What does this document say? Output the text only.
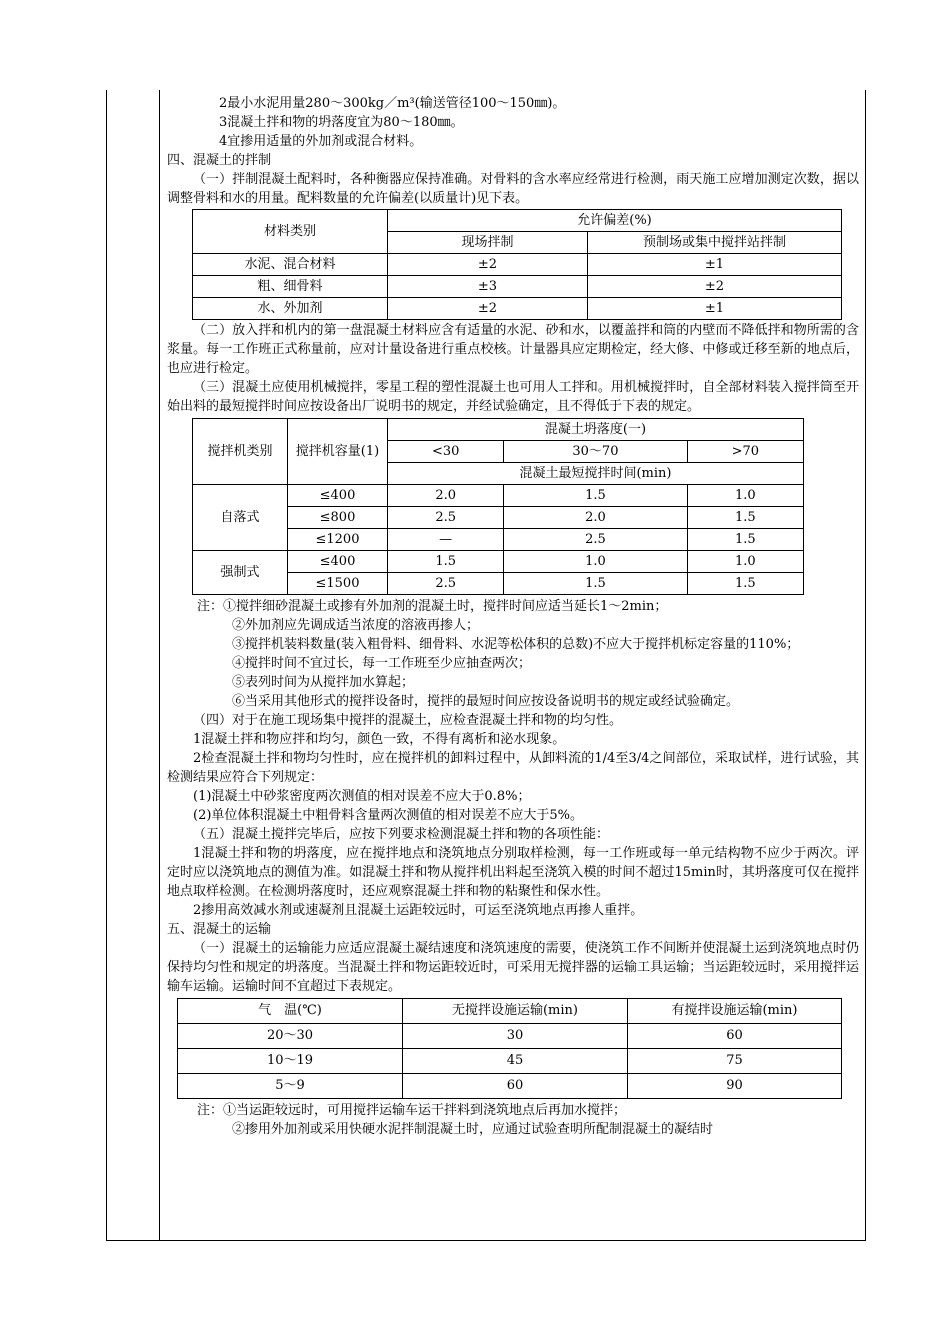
2最小水泥用量280～300kg／m³(输送管径100～150㎜)。

3混凝土拌和物的坍落度宜为80～180㎜。

4宜掺用适量的外加剂或混合材料。

四、混凝土的拌制

（一）拌制混凝土配料时，各种衡器应保持准确。对骨料的含水率应经常进行检测，雨天施工应增加测定次数，据以调整骨料和水的用量。配料数量的允许偏差(以质量计)见下表。

材料类别	允许偏差(%)	
	现场拌制	预制场或集中搅拌站拌制
水泥、混合材料	±2	±1
粗、细骨料	±3	±2
水、外加剂	±2	±1

（二）放入拌和机内的第一盘混凝土材料应含有适量的水泥、砂和水，以覆盖拌和筒的内壁而不降低拌和物所需的含浆量。每一工作班正式称量前，应对计量设备进行重点校核。计量器具应定期检定，经大修、中修或迁移至新的地点后，也应进行检定。

（三）混凝土应使用机械搅拌，零星工程的塑性混凝土也可用人工拌和。用机械搅拌时，自全部材料装入搅拌筒至开始出料的最短搅拌时间应按设备出厂说明书的规定，并经试验确定，且不得低于下表的规定。

搅拌机类别	搅拌机容量(1)	混凝土坍落度(一)		
		<30	30～70	>70
		混凝土最短搅拌时间(min)		
自落式	≤400	2.0	1.5	1.0
	≤800	2.5	2.0	1.5
	≤1200	—	2.5	1.5
强制式	≤400	1.5	1.0	1.0
	≤1500	2.5	1.5	1.5

注：①搅拌细砂混凝土或掺有外加剂的混凝土时，搅拌时间应适当延长1～2min；

②外加剂应先调成适当浓度的溶液再掺人；

③搅拌机装料数量(装入粗骨料、细骨料、水泥等松体积的总数)不应大于搅拌机标定容量的110%；

④搅拌时间不宜过长，每一工作班至少应抽查两次；

⑤表列时间为从搅拌加水算起；

⑥当采用其他形式的搅拌设备时，搅拌的最短时间应按设备说明书的规定或经试验确定。

（四）对于在施工现场集中搅拌的混凝土，应检查混凝土拌和物的均匀性。

1混凝土拌和物应拌和均匀，颜色一致，不得有离析和泌水现象。

2检查混凝土拌和物均匀性时，应在搅拌机的卸料过程中，从卸料流的1/4至3/4之间部位，采取试样，进行试验，其检测结果应符合下列规定：

(1)混凝土中砂浆密度两次测值的相对误差不应大于0.8%；

(2)单位体积混凝土中粗骨料含量两次测值的相对误差不应大于5%。

（五）混凝土搅拌完毕后，应按下列要求检测混凝土拌和物的各项性能：

1混凝土拌和物的坍落度，应在搅拌地点和浇筑地点分别取样检测，每一工作班或每一单元结构物不应少于两次。评定时应以浇筑地点的测值为准。如混凝土拌和物从搅拌机出料起至浇筑入模的时间不超过15min时，其坍落度可仅在搅拌地点取样检测。在检测坍落度时，还应观察混凝土拌和物的粘聚性和保水性。

2掺用高效减水剂或速凝剂且混凝土运距较远时，可运至浇筑地点再掺人重拌。

五、混凝土的运输

（一）混凝土的运输能力应适应混凝土凝结速度和浇筑速度的需要，使浇筑工作不间断并使混凝土运到浇筑地点时仍保持均匀性和规定的坍落度。当混凝土拌和物运距较近时，可采用无搅拌器的运输工具运输；当运距较远时，采用搅拌运输车运输。运输时间不宜超过下表规定。

气　温(℃)	无搅拌设施运输(min)	有搅拌设施运输(min)
20～30	30	60
10～19	45	75
5～9	60	90

注：①当运距较远时，可用搅拌运输车运干拌料到浇筑地点后再加水搅拌；

②掺用外加剂或采用快硬水泥拌制混凝土时，应通过试验查明所配制混凝土的凝结时
